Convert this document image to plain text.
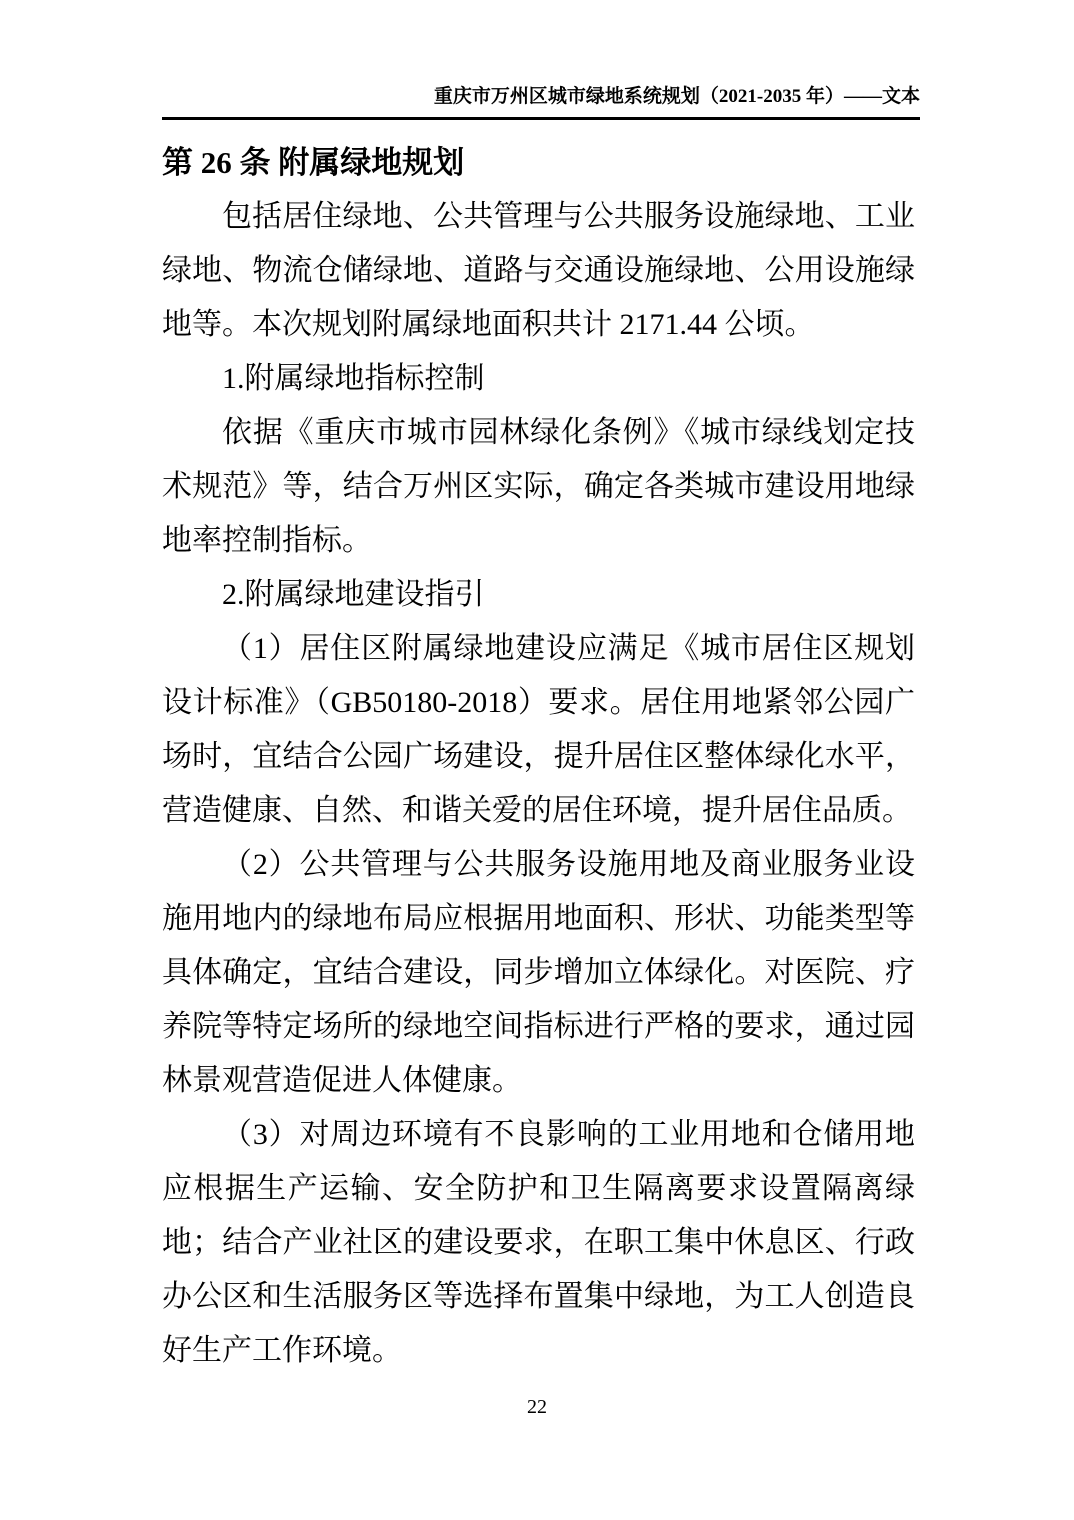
重庆市万州区城市绿地系统规划（2021-2035 年）——文本
第 26 条 附属绿地规划

包括居住绿地、公共管理与公共服务设施绿地、工业绿地、物流仓储绿地、道路与交通设施绿地、公用设施绿地等。本次规划附属绿地面积共计 2171.44 公顷。

1.附属绿地指标控制

依据《重庆市城市园林绿化条例》《城市绿线划定技术规范》等，结合万州区实际，确定各类城市建设用地绿地率控制指标。

2.附属绿地建设指引

（1）居住区附属绿地建设应满足《城市居住区规划设计标准》（GB50180-2018）要求。居住用地紧邻公园广场时，宜结合公园广场建设，提升居住区整体绿化水平，营造健康、自然、和谐关爱的居住环境，提升居住品质。

（2）公共管理与公共服务设施用地及商业服务业设施用地内的绿地布局应根据用地面积、形状、功能类型等具体确定，宜结合建设，同步增加立体绿化。对医院、疗养院等特定场所的绿地空间指标进行严格的要求，通过园林景观营造促进人体健康。

（3）对周边环境有不良影响的工业用地和仓储用地应根据生产运输、安全防护和卫生隔离要求设置隔离绿地；结合产业社区的建设要求，在职工集中休息区、行政办公区和生活服务区等选择布置集中绿地，为工人创造良好生产工作环境。

22
